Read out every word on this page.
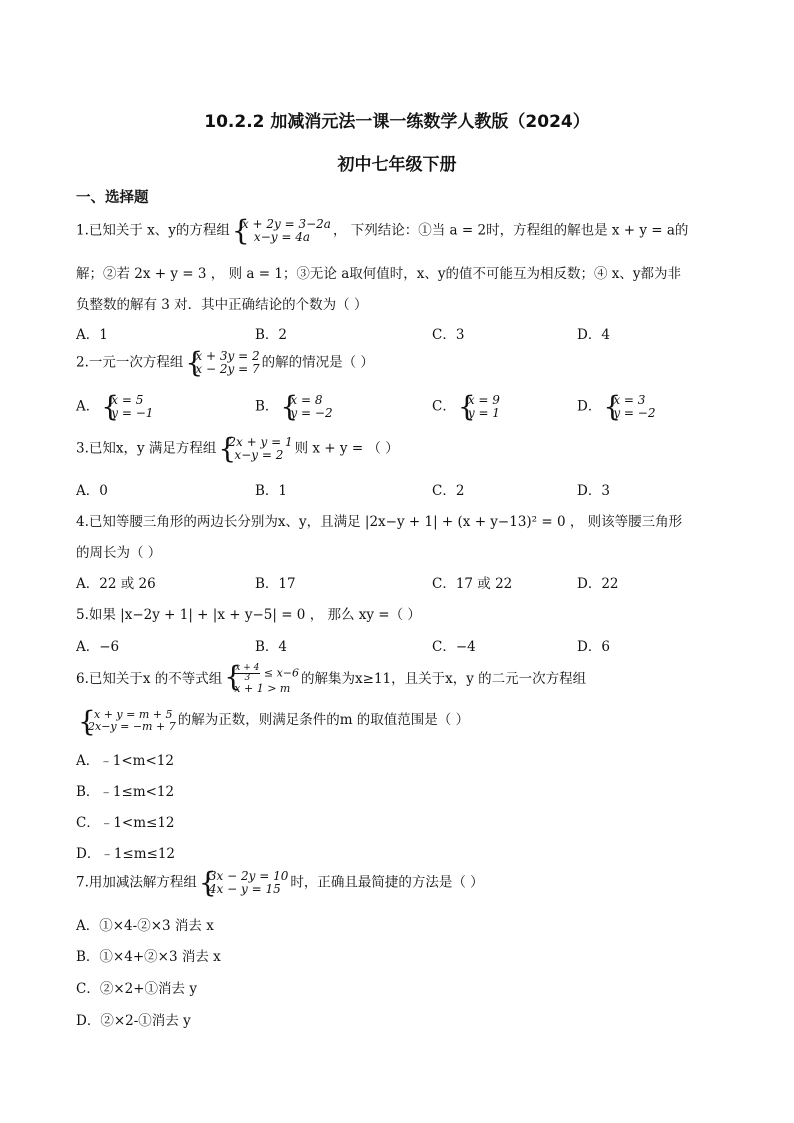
10.2.2 加减消元法一课一练数学人教版（2024）
初中七年级下册
一、选择题
1.已知关于 x、y的方程组 { x + 2y = 3−2a
x−y = 4a	， 下列结论：①当 a = 2时，方程组的解也是 x + y = a的
解；②若 2x + y = 3 ， 则 a = 1；③无论 a取何值时，x、y的值不可能互为相反数；④ x、y都为非
负整数的解有 3 对．其中正确结论的个数为（ ）
A．1	B．2	C．3	D．4
2.一元一次方程组 { x + 3y = 2
x − 2y = 7 的解的情况是（ ）
A． { x = 5
y = −1	B． { x = 8
y = −2	C． { x = 9
y = 1	D． { x = 3
y = −2
3.已知x，y 满足方程组 { 2x + y = 1
x−y = 2 则 x + y = （ ）
A．0	B．1	C．2	D．3
4.已知等腰三角形的两边长分别为x、y，且满足 |2x−y + 1| + (x + y−13)² = 0 ， 则该等腰三角形
的周长为（ ）
A．22 或 26	B．17	C．17 或 22	D．22
5.如果 |x−2y + 1| + |x + y−5| = 0 ， 那么 xy =（ ）
A．−6	B．4	C．−4	D．6
6.已知关于x 的不等式组 { $\frac{x + 4}{3} \le x-6$
x + 1 > m
的解集为x≥11，且关于x，y 的二元一次方程组
{ x + y = m + 5
2x−y = −m + 7 的解为正数，则满足条件的m 的取值范围是（ ）
A．﹣1<m<12
B．﹣1≤m<12
C．﹣1<m≤12
D．﹣1≤m≤12
7.用加减法解方程组 { 3x − 2y = 10
4x − y = 15 时，正确且最简捷的方法是（ ）
A．①×4-②×3 消去 x
B．①×4+②×3 消去 x
C．②×2+①消去 y
D．②×2-①消去 y
